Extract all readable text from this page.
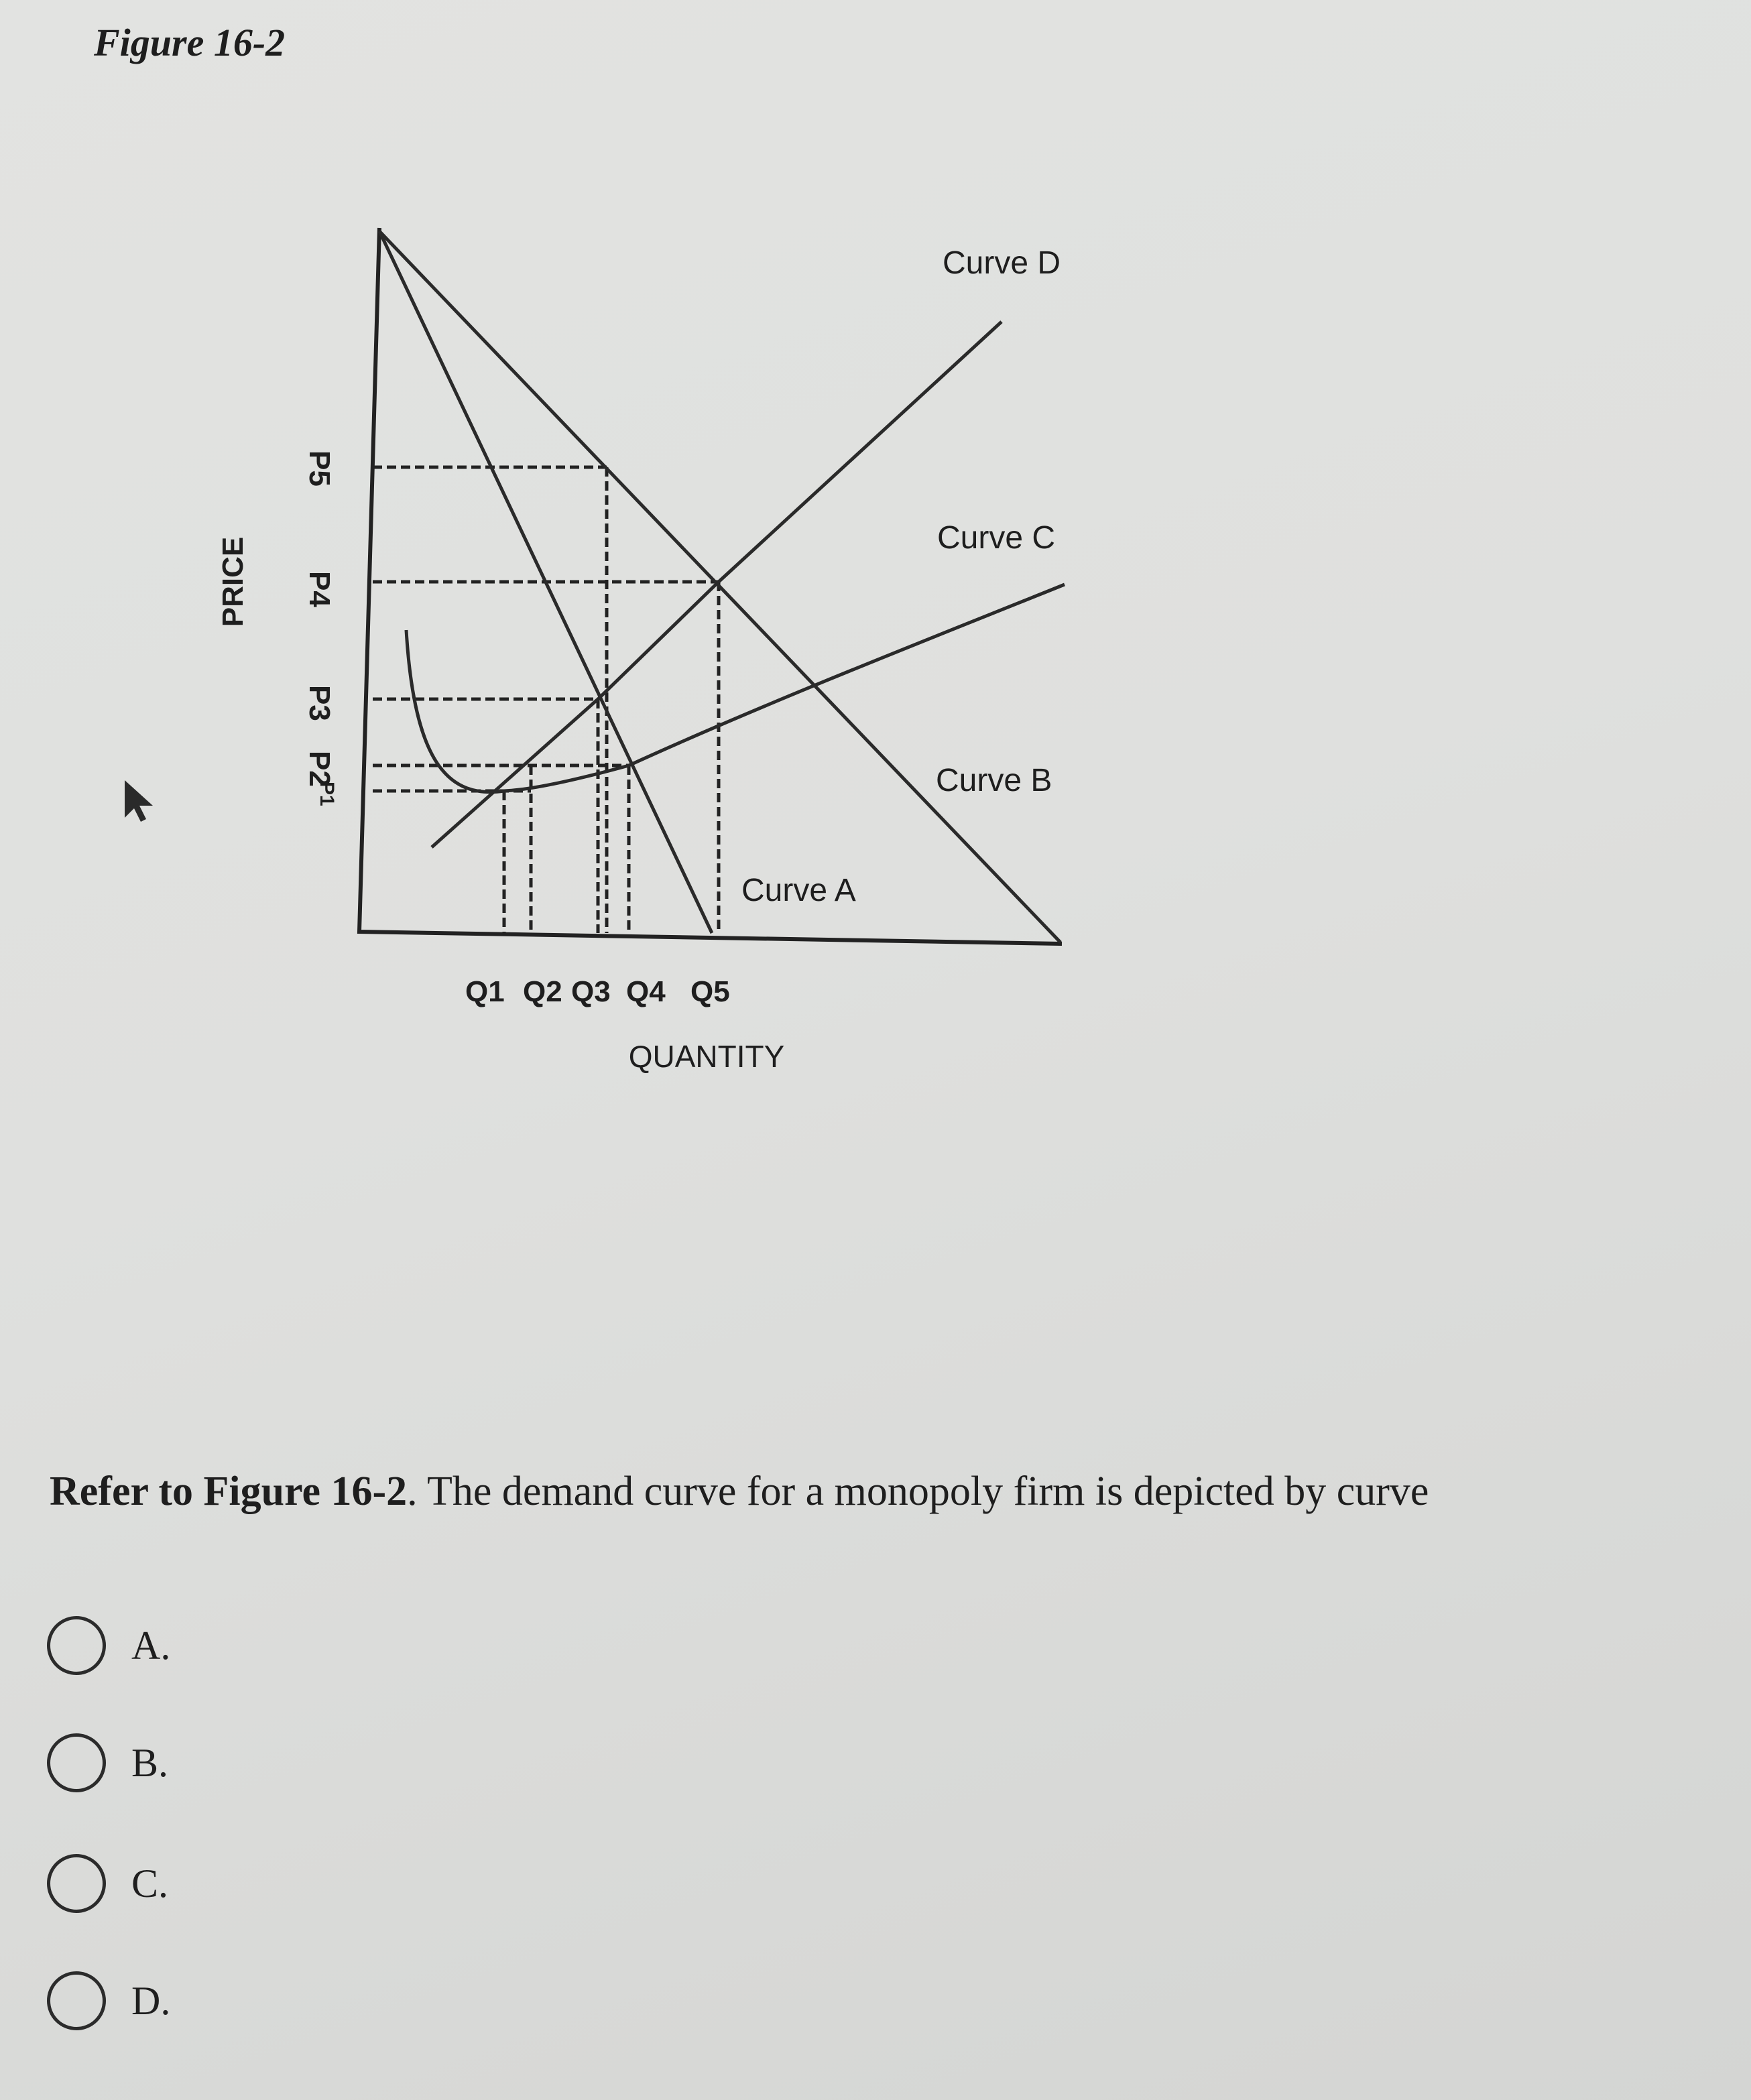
Figure 16-2
Curve A
Curve B
Curve C
Curve D
P5
P4
P3
P2
P1
PRICE
Q1 Q2 Q3 Q4 Q5
QUANTITY

Refer to Figure 16-2. The demand curve for a monopoly firm is depicted by curve

A.
B.
C.
D.
